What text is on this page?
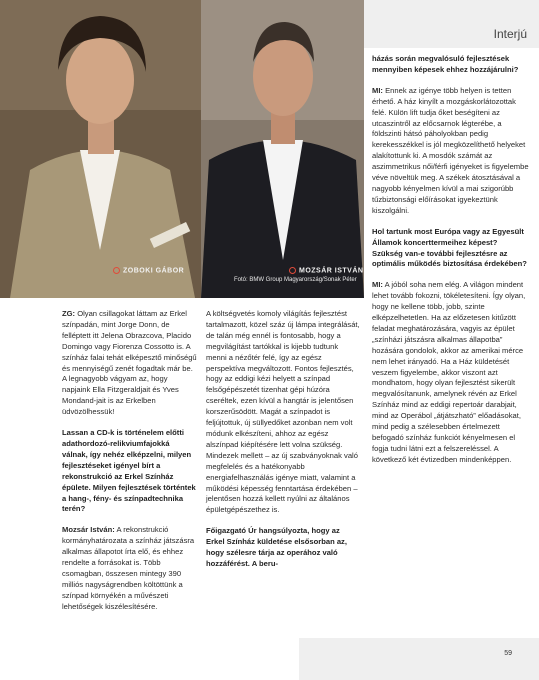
ZOBOKI GÁBOR	MOZSÁR ISTVÁN
Fotó: BMW Group Magyarország/Sonak Péter
Interjú

ZG: Olyan csillagokat láttam az Erkel színpadán, mint Jorge Donn, de felléptett itt Jelena Obrazcova, Placido Domingo vagy Fiorenza Cossotto is. A színház falai tehát elképesztő minőségű és mennyiségű zenét fogadtak már be. A legnagyobb vágyam az, hogy napjaink Ella Fitzgeraldjait és Yves Mondand-jait is az Erkelben üdvözölhessük!

Lassan a CD-k is történelem előtti adathordozó-relikviumfajokká válnak, így nehéz elképzelni, milyen fejlesztéseket igényel bírt a rekonstrukció az Erkel Színház épülete. Milyen fejlesztések történtek a hang-, fény- és színpadtechnika terén?

Mozsár István: A rekonstrukció kormányhatározata a színház játszásra alkalmas állapotot írta elő, és ehhez rendelte a forrásokat is. Több csomagban, összesen mintegy 390 milliós nagyságrendben költöttünk a színpad környékén a művészeti lehetőségek kiszélesítésére.

A költségvetés komoly világítás fejlesztést tartalmazott, közel száz új lámpa integrálását, de talán még ennél is fontosabb, hogy a megvilágítást tartókkal is kijebb tudtunk menni a nézőtér felé, így az egész perspektíva megváltozott. Fontos fejlesztés, hogy az eddigi kézi helyett a színpad felsőgépészetét tizenhat gépi húzóra cseréltek, ezen kívül a hangtár is jelentősen korszerűsödött. Magát a színpadot is feljújtottuk, új süllyedőket azonban nem volt módunk elkészíteni, ahhoz az egész alszínpad kiépítésére lett volna szükség. Mindezek mellett – az új szabványoknak való megfelelés és a hatékonyabb energiafelhasználás igénye miatt, valamint a működési képesség fenntartása érdekében – jelentősen hozzá kellett nyúlni az általános épületgépészethez is.

Főigazgató Úr hangsúlyozta, hogy az Erkel Színház küldetése elsősorban az, hogy szélesre tárja az operához való hozzáférést. A beru-

házás során megvalósuló fejlesztések mennyiben képesek ehhez hozzájárulni?

MI: Ennek az igénye több helyen is tetten érhető. A ház kinyílt a mozgáskorlátozottak felé. Külön lift tudja őket beségíteni az utcaszintről az előcsarnok légterébe, a földszinti hátsó páholyokban pedig kerekesszékkel is jól megközelíthető helyeket alakítottunk ki. A mosdók számát az aszimmetrikus női/férfi igényeket is figyelembe véve növeltük meg. A székek átosztásával a nagyobb kényelmen kívül a mai szigorúbb tűzbiztonsági előírásokat igyekeztünk kiszolgálni.

Hol tartunk most Európa vagy az Egyesült Államok koncerttermeihez képest? Szükség van-e további fejlesztésre az optimális működés biztosítása érdekében?

MI: A jóból soha nem elég. A világon mindent lehet tovább fokozni, tökéletesíteni. Így olyan, hogy ne kellene több, jobb, szinte elképzelhetetlen. Ha az előzetesen kitűzött feladat meghatározására, vagyis az épület „színházi játszásra alkalmas állapotba” hozására gondolok, akkor az amerikai mérce nem lehet irányadó. Ha a Ház küldetését veszem figyelembe, akkor viszont azt mondhatom, hogy olyan fejlesztést sikerült megvalósítanunk, amelynek révén az Erkel Színház mind az eddigi repertoár darabjait, mind az Operábol „átjátszható” előadásokat, mind pedig a szélesebben értelmezett befogadó színház funkciót kényelmesen el fogja tudni látni ezt a felszereléssel. A következő két évtizedben mindenképpen.

59
